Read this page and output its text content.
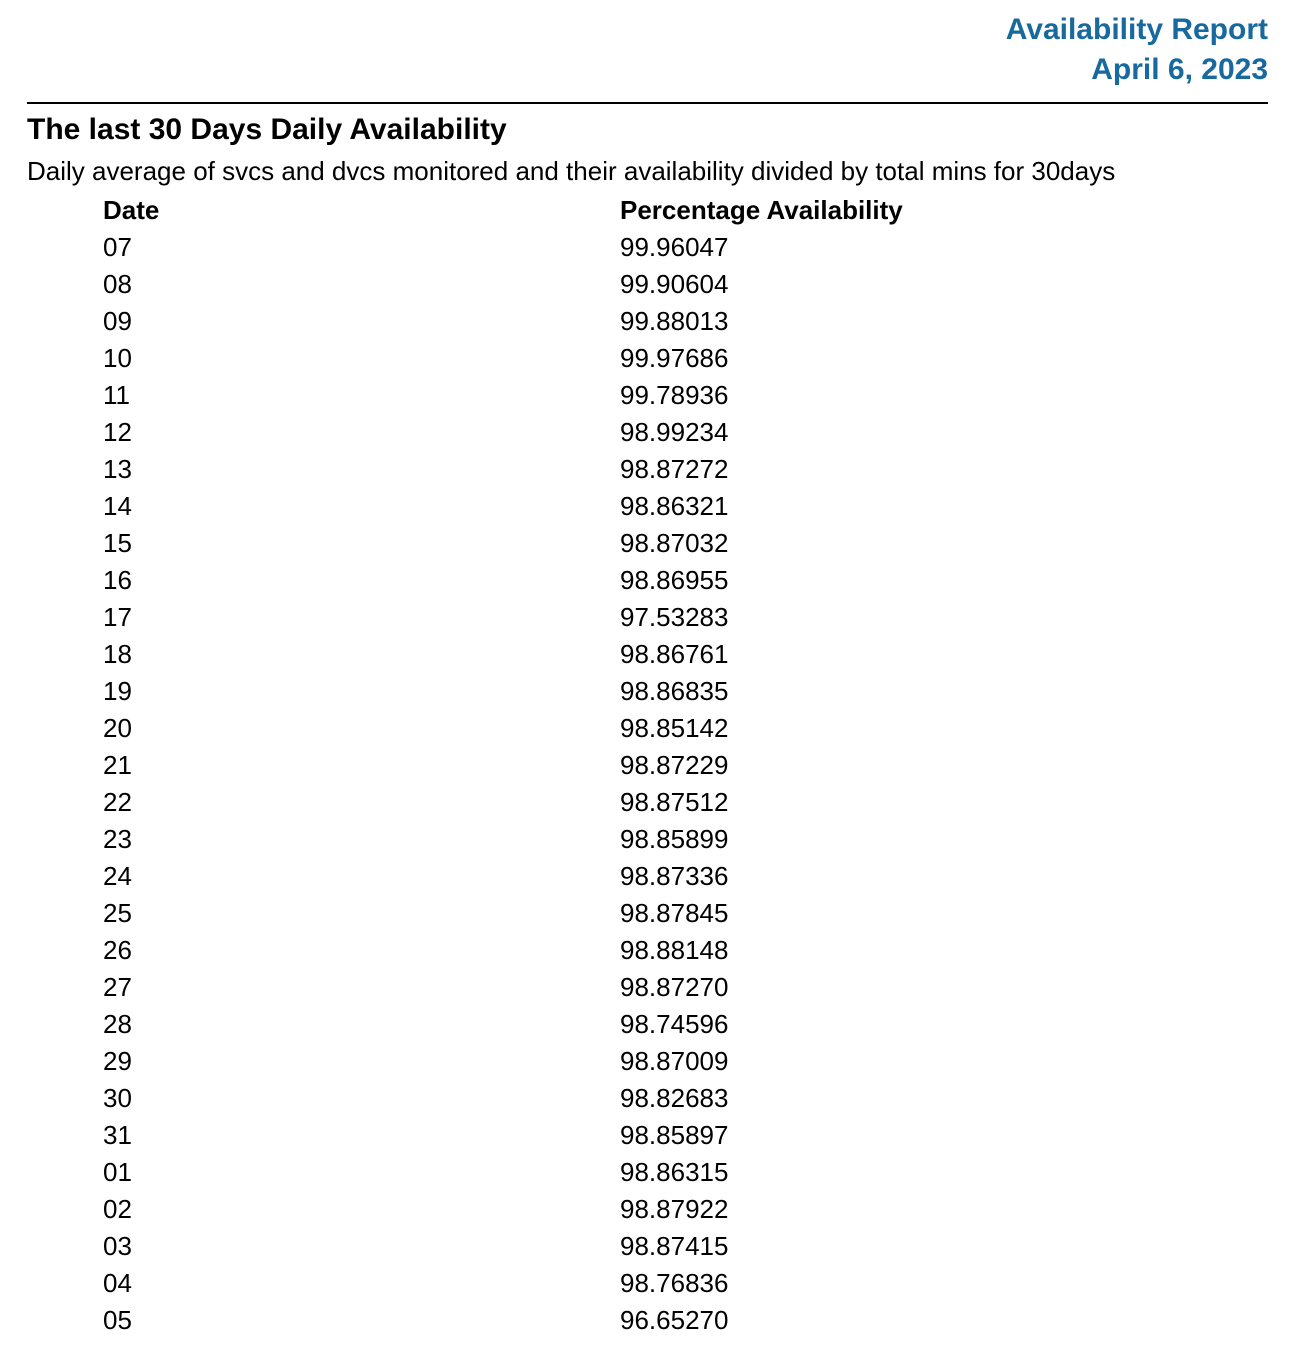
Availability Report
April 6, 2023
The last 30 Days Daily Availability

Daily average of svcs and dvcs monitored and their availability divided by total mins for 30days

Date	Percentage Availability
07	99.96047
08	99.90604
09	99.88013
10	99.97686
11	99.78936
12	98.99234
13	98.87272
14	98.86321
15	98.87032
16	98.86955
17	97.53283
18	98.86761
19	98.86835
20	98.85142
21	98.87229
22	98.87512
23	98.85899
24	98.87336
25	98.87845
26	98.88148
27	98.87270
28	98.74596
29	98.87009
30	98.82683
31	98.85897
01	98.86315
02	98.87922
03	98.87415
04	98.76836
05	96.65270
